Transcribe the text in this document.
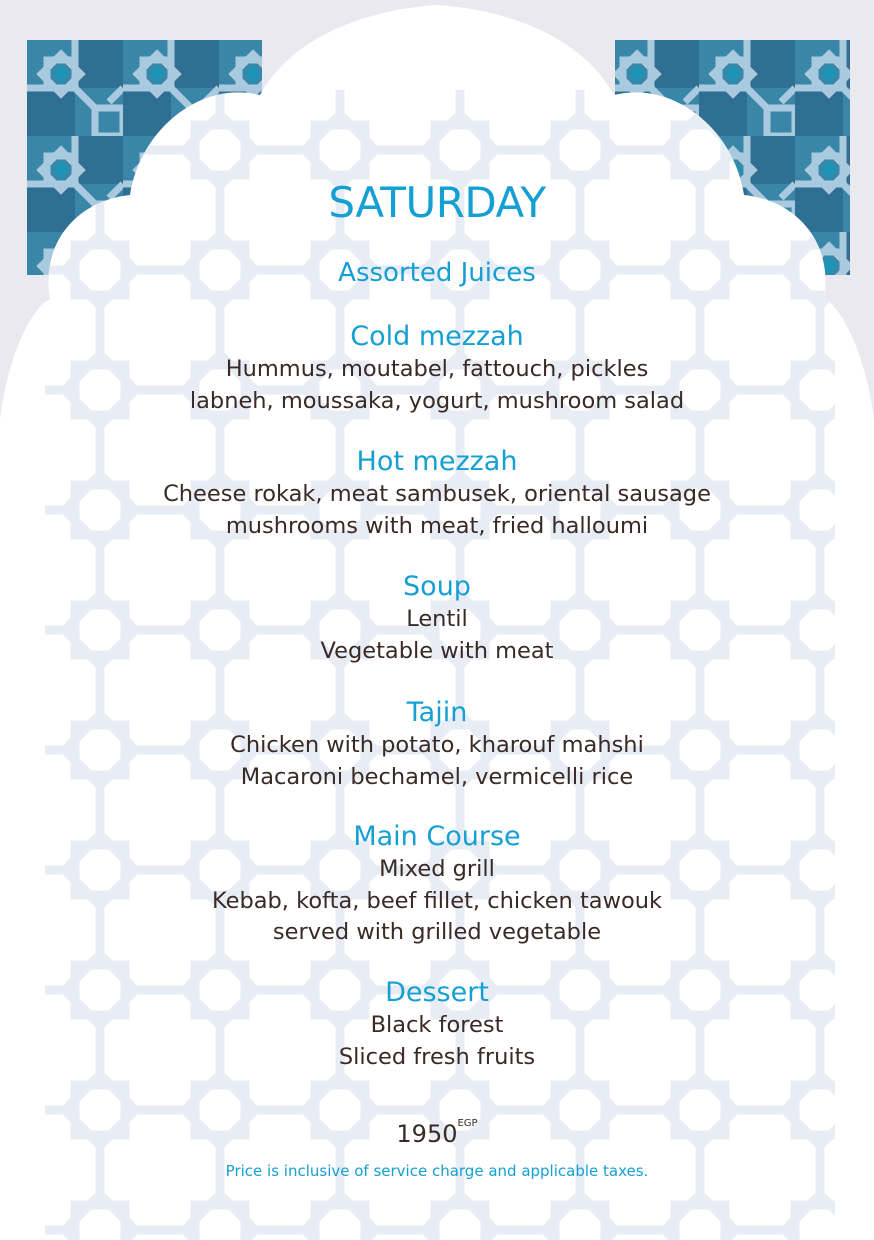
SATURDAY
Assorted Juices
Cold mezzah

Hummus, moutabel, fattouch, pickles

labneh, moussaka, yogurt, mushroom salad

Hot mezzah

Cheese rokak, meat sambusek, oriental sausage

mushrooms with meat, fried halloumi

Soup

Lentil

Vegetable with meat

Tajin

Chicken with potato, kharouf mahshi

Macaroni bechamel, vermicelli rice

Main Course

Mixed grill

Kebab, kofta, beef fillet, chicken tawouk

served with grilled vegetable

Dessert

Black forest

Sliced fresh fruits

$1950^{EGP}$
Price is inclusive of service charge and applicable taxes.
